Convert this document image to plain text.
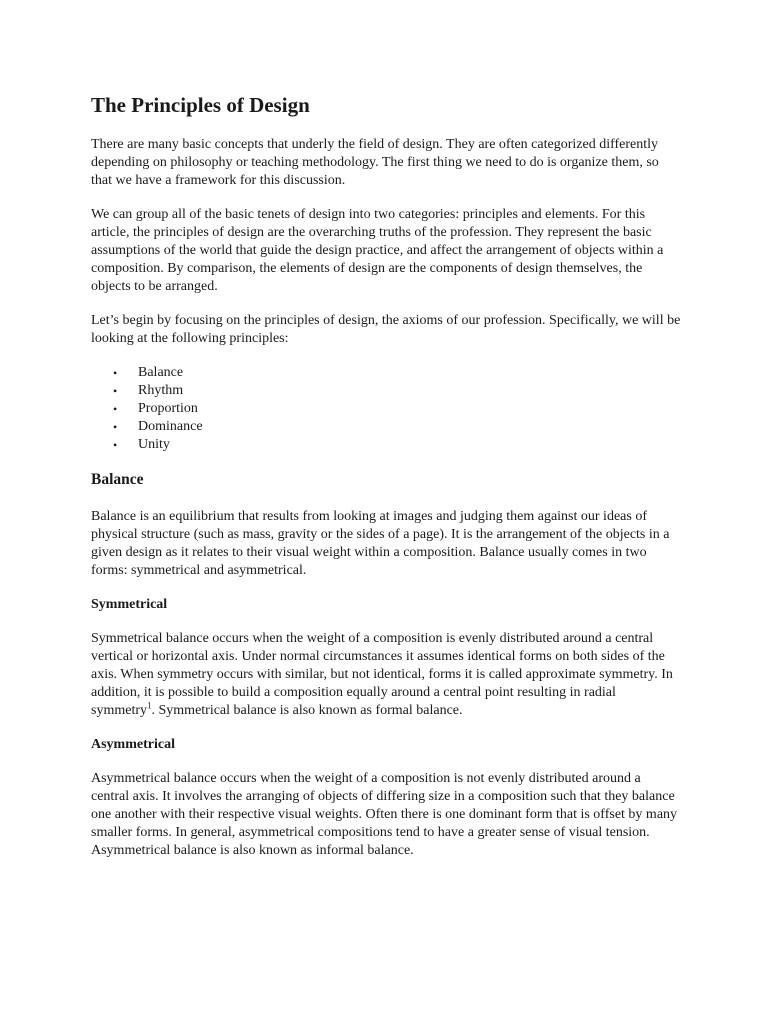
The Principles of Design

There are many basic concepts that underly the field of design. They are often categorized differently depending on philosophy or teaching methodology. The first thing we need to do is organize them, so that we have a framework for this discussion.

We can group all of the basic tenets of design into two categories: principles and elements. For this article, the principles of design are the overarching truths of the profession. They represent the basic assumptions of the world that guide the design practice, and affect the arrangement of objects within a composition. By comparison, the elements of design are the components of design themselves, the objects to be arranged.

Let’s begin by focusing on the principles of design, the axioms of our profession. Specifically, we will be looking at the following principles:

• Balance
• Rhythm
• Proportion
• Dominance
• Unity
Balance

Balance is an equilibrium that results from looking at images and judging them against our ideas of physical structure (such as mass, gravity or the sides of a page). It is the arrangement of the objects in a given design as it relates to their visual weight within a composition. Balance usually comes in two forms: symmetrical and asymmetrical.

Symmetrical

Symmetrical balance occurs when the weight of a composition is evenly distributed around a central vertical or horizontal axis. Under normal circumstances it assumes identical forms on both sides of the axis. When symmetry occurs with similar, but not identical, forms it is called approximate symmetry. In addition, it is possible to build a composition equally around a central point resulting in radial symmetry$^1$. Symmetrical balance is also known as formal balance.

Asymmetrical

Asymmetrical balance occurs when the weight of a composition is not evenly distributed around a central axis. It involves the arranging of objects of differing size in a composition such that they balance one another with their respective visual weights. Often there is one dominant form that is offset by many smaller forms. In general, asymmetrical compositions tend to have a greater sense of visual tension. Asymmetrical balance is also known as informal balance.
